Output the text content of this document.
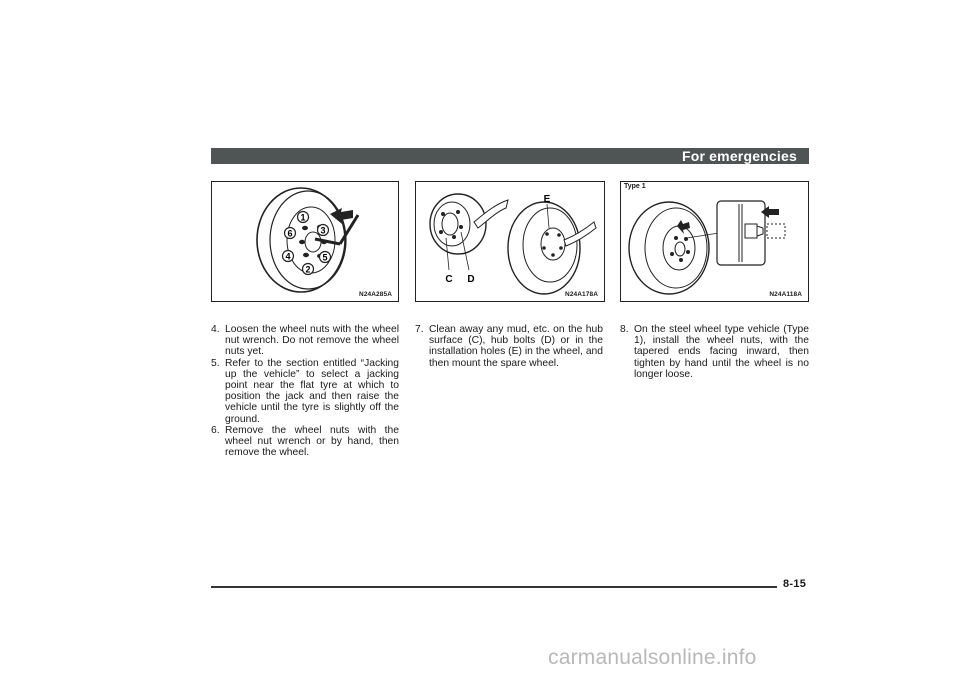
For emergencies
1
3
6
4	5
2
N24A285A
C D
E
N24A178A
Type 1
N24A118A

4. Loosen the wheel nuts with the wheel nut wrench. Do not remove the wheel nuts yet.

5. Refer to the section entitled “Jacking up the vehicle” to select a jacking point near the flat tyre at which to position the jack and then raise the vehicle until the tyre is slightly off the ground.

6. Remove the wheel nuts with the wheel nut wrench or by hand, then remove the wheel.

7. Clean away any mud, etc. on the hub surface (C), hub bolts (D) or in the installation holes (E) in the wheel, and then mount the spare wheel.

8. On the steel wheel type vehicle (Type 1), install the wheel nuts, with the tapered ends facing inward, then tighten by hand until the wheel is no longer loose.

8-15
carmanualsonline.info
